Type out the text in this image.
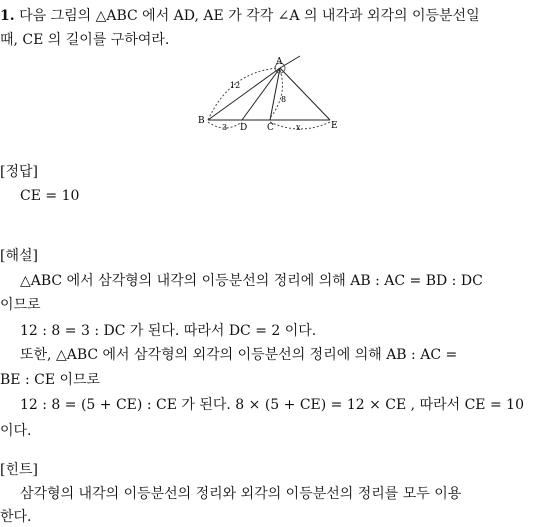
1. 다음 그림의 △ABC 에서 AD, AE 가 각각 ∠A 의 내각과 외각의 이등분선일
때, CE 의 길이를 구하여라.
A
B
C
D	E
12
8
3	x
[정답]
CE = 10
[해설]
△ABC 에서 삼각형의 내각의 이등분선의 정리에 의해 AB : AC = BD : DC
이므로
12 : 8 = 3 : DC 가 된다. 따라서 DC = 2 이다.
또한, △ABC 에서 삼각형의 외각의 이등분선의 정리에 의해 AB : AC =
BE : CE 이므로
12 : 8 = (5 + CE) : CE 가 된다. 8 × (5 + CE) = 12 × CE , 따라서 CE = 10
이다.
[힌트]
삼각형의 내각의 이등분선의 정리와 외각의 이등분선의 정리를 모두 이용
한다.
